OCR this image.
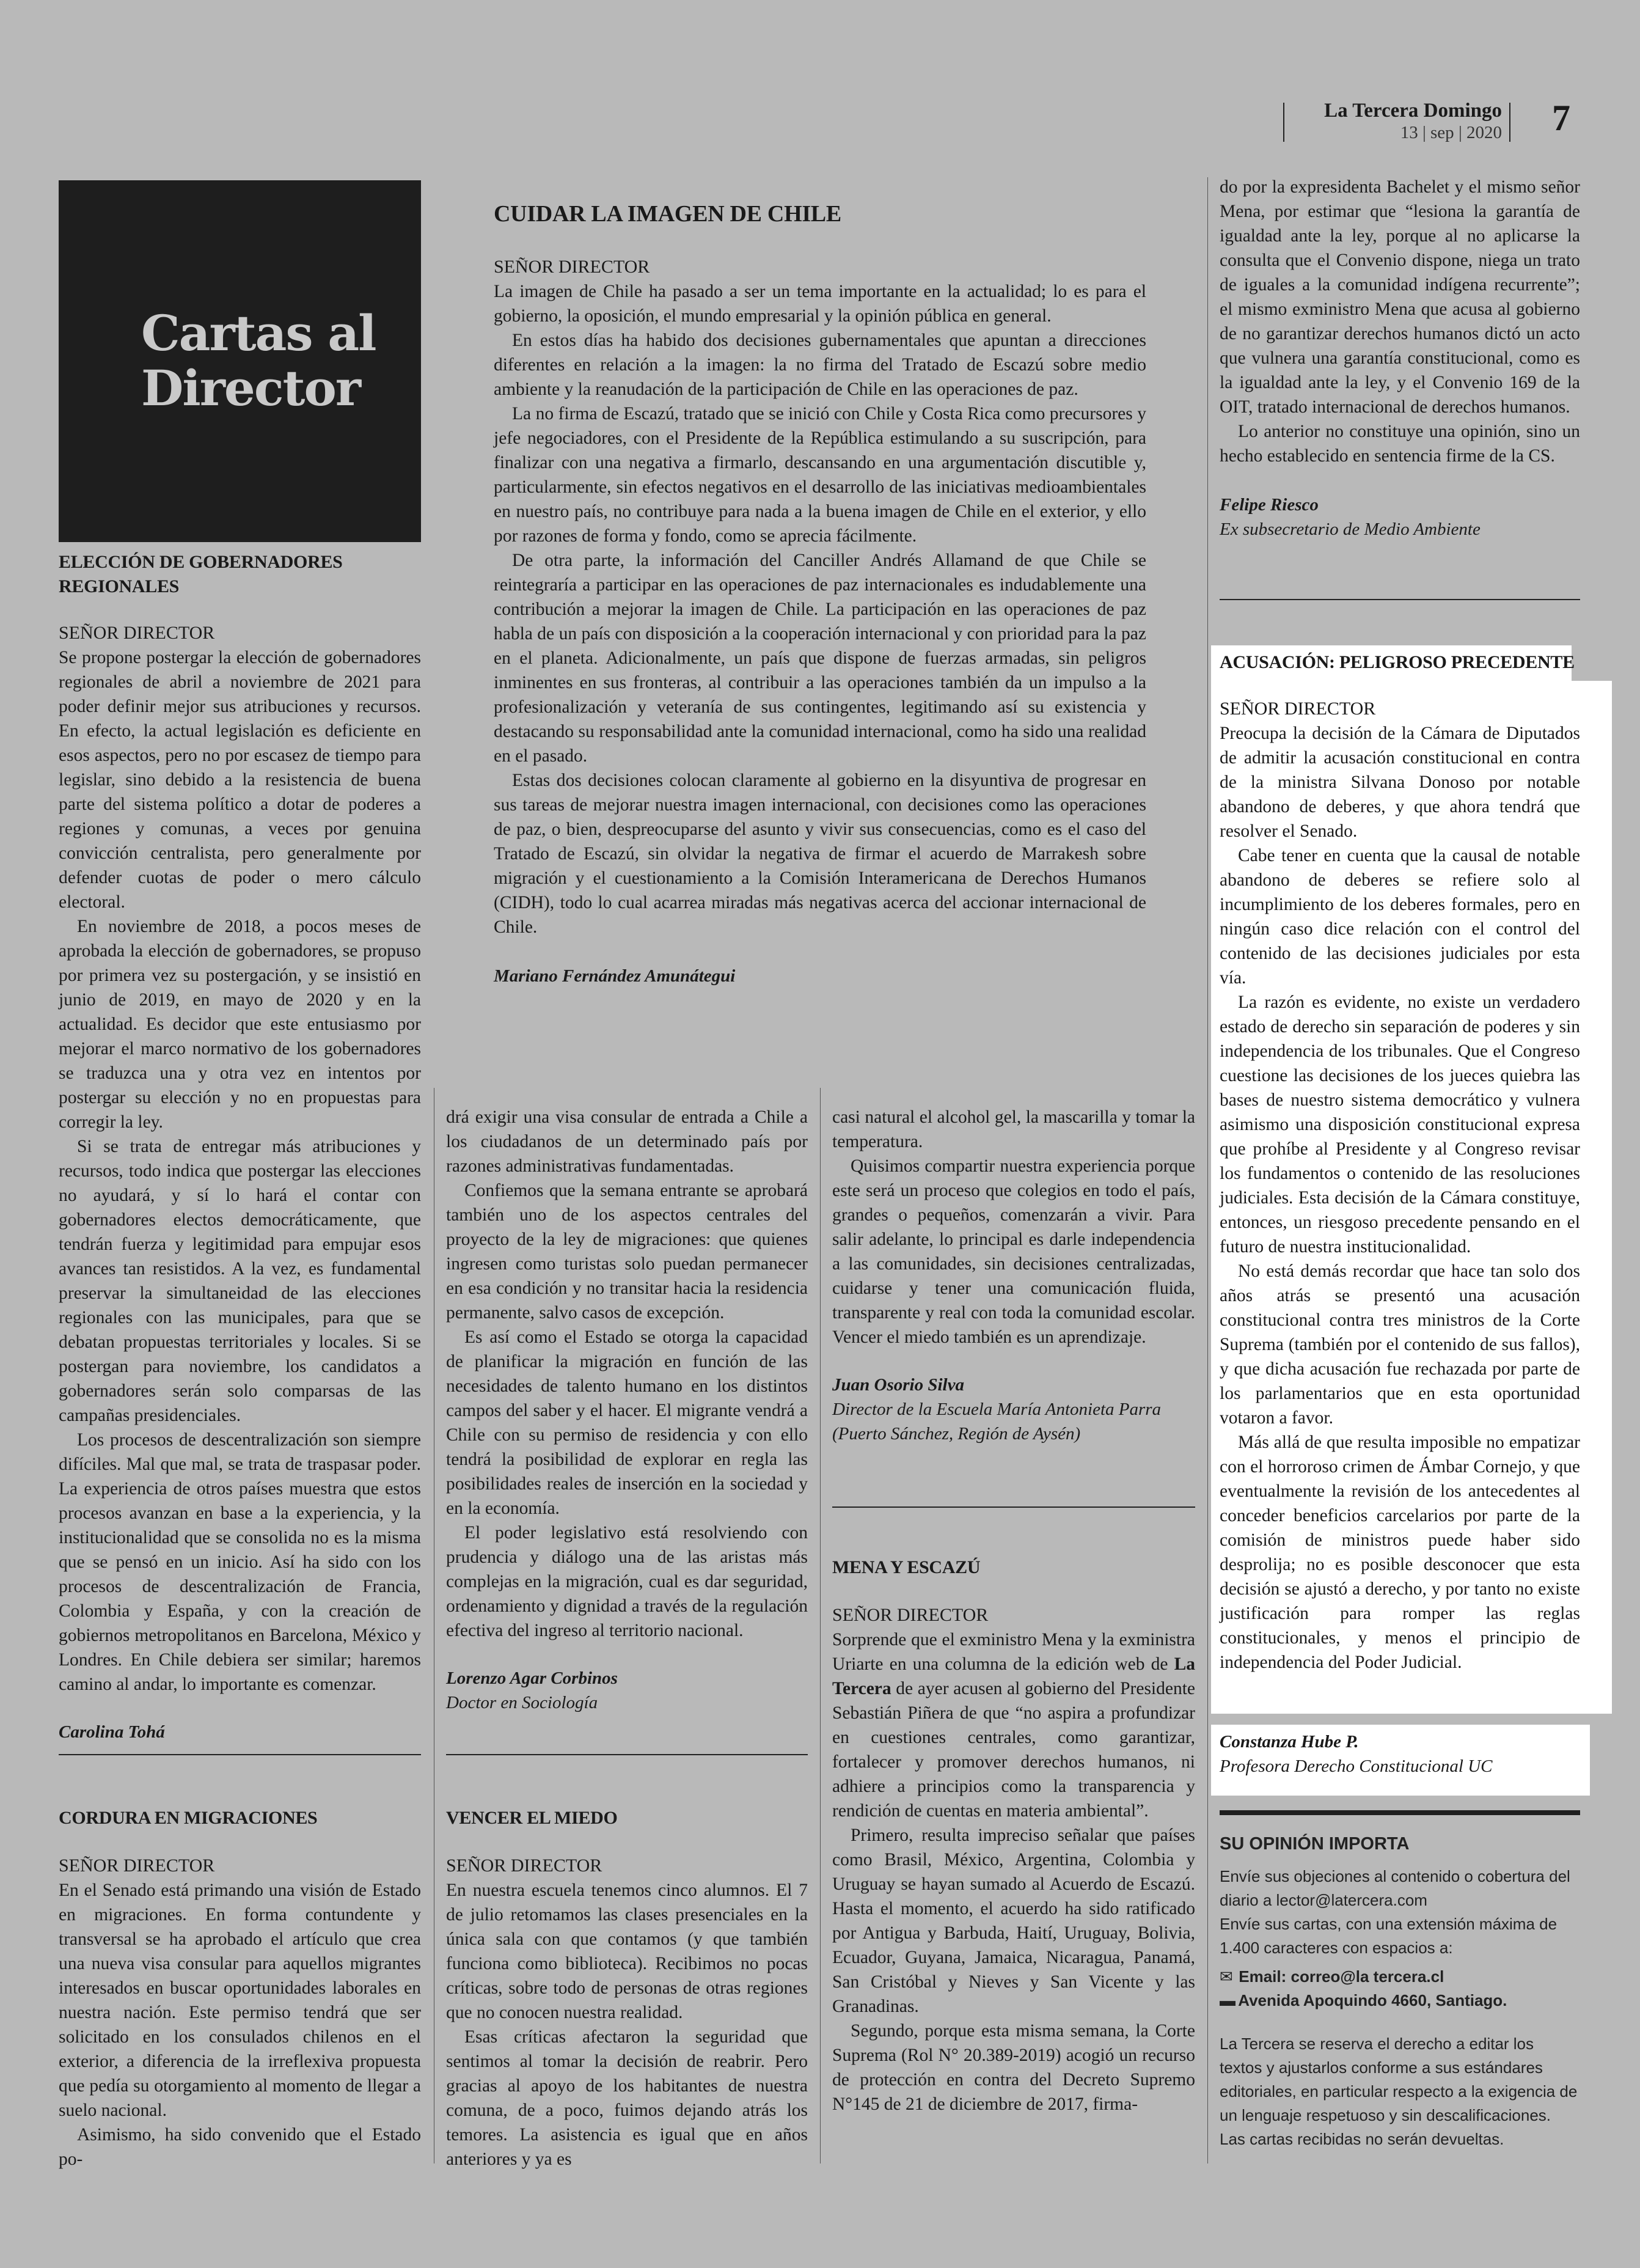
La Tercera Domingo
13 | sep | 2020 7
Cartas al
Director

ELECCIÓN DE GOBERNADORES REGIONALES

SEÑOR DIRECTOR

Se propone postergar la elección de gobernadores regionales de abril a noviembre de 2021 para poder definir mejor sus atribuciones y recursos. En efecto, la actual legislación es deficiente en esos aspectos, pero no por escasez de tiempo para legislar, sino debido a la resistencia de buena parte del sistema político a dotar de poderes a regiones y comunas, a veces por genuina convicción centralista, pero generalmente por defender cuotas de poder o mero cálculo electoral.

En noviembre de 2018, a pocos meses de aprobada la elección de gobernadores, se propuso por primera vez su postergación, y se insistió en junio de 2019, en mayo de 2020 y en la actualidad. Es decidor que este entusiasmo por mejorar el marco normativo de los gobernadores se traduzca una y otra vez en intentos por postergar su elección y no en propuestas para corregir la ley.

Si se trata de entregar más atribuciones y recursos, todo indica que postergar las elecciones no ayudará, y sí lo hará el contar con gobernadores electos democráticamente, que tendrán fuerza y legitimidad para empujar esos avances tan resistidos. A la vez, es fundamental preservar la simultaneidad de las elecciones regionales con las municipales, para que se debatan propuestas territoriales y locales. Si se postergan para noviembre, los candidatos a gobernadores serán solo comparsas de las campañas presidenciales.

Los procesos de descentralización son siempre difíciles. Mal que mal, se trata de traspasar poder. La experiencia de otros países muestra que estos procesos avanzan en base a la experiencia, y la institucionalidad que se consolida no es la misma que se pensó en un inicio. Así ha sido con los procesos de descentralización de Francia, Colombia y España, y con la creación de gobiernos metropolitanos en Barcelona, México y Londres. En Chile debiera ser similar; haremos camino al andar, lo importante es comenzar.

Carolina Tohá

CORDURA EN MIGRACIONES

SEÑOR DIRECTOR

En el Senado está primando una visión de Estado en migraciones. En forma contundente y transversal se ha aprobado el artículo que crea una nueva visa consular para aquellos migrantes interesados en buscar oportunidades laborales en nuestra nación. Este permiso tendrá que ser solicitado en los consulados chilenos en el exterior, a diferencia de la irreflexiva propuesta que pedía su otorgamiento al momento de llegar a suelo nacional.

Asimismo, ha sido convenido que el Estado po-

CUIDAR LA IMAGEN DE CHILE

SEÑOR DIRECTOR

La imagen de Chile ha pasado a ser un tema importante en la actualidad; lo es para el gobierno, la oposición, el mundo empresarial y la opinión pública en general.

En estos días ha habido dos decisiones gubernamentales que apuntan a direcciones diferentes en relación a la imagen: la no firma del Tratado de Escazú sobre medio ambiente y la reanudación de la participación de Chile en las operaciones de paz.

La no firma de Escazú, tratado que se inició con Chile y Costa Rica como precursores y jefe negociadores, con el Presidente de la República estimulando a su suscripción, para finalizar con una negativa a firmarlo, descansando en una argumentación discutible y, particularmente, sin efectos negativos en el desarrollo de las iniciativas medioambientales en nuestro país, no contribuye para nada a la buena imagen de Chile en el exterior, y ello por razones de forma y fondo, como se aprecia fácilmente.

De otra parte, la información del Canciller Andrés Allamand de que Chile se reintegraría a participar en las operaciones de paz internacionales es indudablemente una contribución a mejorar la imagen de Chile. La participación en las operaciones de paz habla de un país con disposición a la cooperación internacional y con prioridad para la paz en el planeta. Adicionalmente, un país que dispone de fuerzas armadas, sin peligros inminentes en sus fronteras, al contribuir a las operaciones también da un impulso a la profesionalización y veteranía de sus contingentes, legitimando así su existencia y destacando su responsabilidad ante la comunidad internacional, como ha sido una realidad en el pasado.

Estas dos decisiones colocan claramente al gobierno en la disyuntiva de progresar en sus tareas de mejorar nuestra imagen internacional, con decisiones como las operaciones de paz, o bien, despreocuparse del asunto y vivir sus consecuencias, como es el caso del Tratado de Escazú, sin olvidar la negativa de firmar el acuerdo de Marrakesh sobre migración y el cuestionamiento a la Comisión Interamericana de Derechos Humanos (CIDH), todo lo cual acarrea miradas más negativas acerca del accionar internacional de Chile.

Mariano Fernández Amunátegui

drá exigir una visa consular de entrada a Chile a los ciudadanos de un determinado país por razones administrativas fundamentadas.

Confiemos que la semana entrante se aprobará también uno de los aspectos centrales del proyecto de la ley de migraciones: que quienes ingresen como turistas solo puedan permanecer en esa condición y no transitar hacia la residencia permanente, salvo casos de excepción.

Es así como el Estado se otorga la capacidad de planificar la migración en función de las necesidades de talento humano en los distintos campos del saber y el hacer. El migrante vendrá a Chile con su permiso de residencia y con ello tendrá la posibilidad de explorar en regla las posibilidades reales de inserción en la sociedad y en la economía.

El poder legislativo está resolviendo con prudencia y diálogo una de las aristas más complejas en la migración, cual es dar seguridad, ordenamiento y dignidad a través de la regulación efectiva del ingreso al territorio nacional.

Lorenzo Agar Corbinos

Doctor en Sociología

VENCER EL MIEDO

SEÑOR DIRECTOR

En nuestra escuela tenemos cinco alumnos. El 7 de julio retomamos las clases presenciales en la única sala con que contamos (y que también funciona como biblioteca). Recibimos no pocas críticas, sobre todo de personas de otras regiones que no conocen nuestra realidad.

Esas críticas afectaron la seguridad que sentimos al tomar la decisión de reabrir. Pero gracias al apoyo de los habitantes de nuestra comuna, de a poco, fuimos dejando atrás los temores. La asistencia es igual que en años anteriores y ya es

casi natural el alcohol gel, la mascarilla y tomar la temperatura.

Quisimos compartir nuestra experiencia porque este será un proceso que colegios en todo el país, grandes o pequeños, comenzarán a vivir. Para salir adelante, lo principal es darle independencia a las comunidades, sin decisiones centralizadas, cuidarse y tener una comunicación fluida, transparente y real con toda la comunidad escolar. Vencer el miedo también es un aprendizaje.

Juan Osorio Silva

Director de la Escuela María Antonieta Parra (Puerto Sánchez, Región de Aysén)

MENA Y ESCAZÚ

SEÑOR DIRECTOR

Sorprende que el exministro Mena y la exministra Uriarte en una columna de la edición web de La Tercera de ayer acusen al gobierno del Presidente Sebastián Piñera de que “no aspira a profundizar en cuestiones centrales, como garantizar, fortalecer y promover derechos humanos, ni adhiere a principios como la transparencia y rendición de cuentas en materia ambiental”.

Primero, resulta impreciso señalar que países como Brasil, México, Argentina, Colombia y Uruguay se hayan sumado al Acuerdo de Escazú. Hasta el momento, el acuerdo ha sido ratificado por Antigua y Barbuda, Haití, Uruguay, Bolivia, Ecuador, Guyana, Jamaica, Nicaragua, Panamá, San Cristóbal y Nieves y San Vicente y las Granadinas.

Segundo, porque esta misma semana, la Corte Suprema (Rol N° 20.389-2019) acogió un recurso de protección en contra del Decreto Supremo N°145 de 21 de diciembre de 2017, firma-

do por la expresidenta Bachelet y el mismo señor Mena, por estimar que “lesiona la garantía de igualdad ante la ley, porque al no aplicarse la consulta que el Convenio dispone, niega un trato de iguales a la comunidad indígena recurrente”; el mismo exministro Mena que acusa al gobierno de no garantizar derechos humanos dictó un acto que vulnera una garantía constitucional, como es la igualdad ante la ley, y el Convenio 169 de la OIT, tratado internacional de derechos humanos.

Lo anterior no constituye una opinión, sino un hecho establecido en sentencia firme de la CS.

Felipe Riesco

Ex subsecretario de Medio Ambiente

ACUSACIÓN: PELIGROSO PRECEDENTE

SEÑOR DIRECTOR

Preocupa la decisión de la Cámara de Diputados de admitir la acusación constitucional en contra de la ministra Silvana Donoso por notable abandono de deberes, y que ahora tendrá que resolver el Senado.

Cabe tener en cuenta que la causal de notable abandono de deberes se refiere solo al incumplimiento de los deberes formales, pero en ningún caso dice relación con el control del contenido de las decisiones judiciales por esta vía.

La razón es evidente, no existe un verdadero estado de derecho sin separación de poderes y sin independencia de los tribunales. Que el Congreso cuestione las decisiones de los jueces quiebra las bases de nuestro sistema democrático y vulnera asimismo una disposición constitucional expresa que prohíbe al Presidente y al Congreso revisar los fundamentos o contenido de las resoluciones judiciales. Esta decisión de la Cámara constituye, entonces, un riesgoso precedente pensando en el futuro de nuestra institucionalidad.

No está demás recordar que hace tan solo dos años atrás se presentó una acusación constitucional contra tres ministros de la Corte Suprema (también por el contenido de sus fallos), y que dicha acusación fue rechazada por parte de los parlamentarios que en esta oportunidad votaron a favor.

Más allá de que resulta imposible no empatizar con el horroroso crimen de Ámbar Cornejo, y que eventualmente la revisión de los antecedentes al conceder beneficios carcelarios por parte de la comisión de ministros puede haber sido desprolija; no es posible desconocer que esta decisión se ajustó a derecho, y por tanto no existe justificación para romper las reglas constitucionales, y menos el principio de independencia del Poder Judicial.

Constanza Hube P.

Profesora Derecho Constitucional UC

SU OPINIÓN IMPORTA
Envíe sus objeciones al contenido o cobertura del diario a lector@latercera.com
Envíe sus cartas, con una extensión máxima de 1.400 caracteres con espacios a:
✉ Email: correo@la tercera.cl
▬ Avenida Apoquindo 4660, Santiago.
La Tercera se reserva el derecho a editar los textos y ajustarlos conforme a sus estándares editoriales, en particular respecto a la exigencia de un lenguaje respetuoso y sin descalificaciones. Las cartas recibidas no serán devueltas.
